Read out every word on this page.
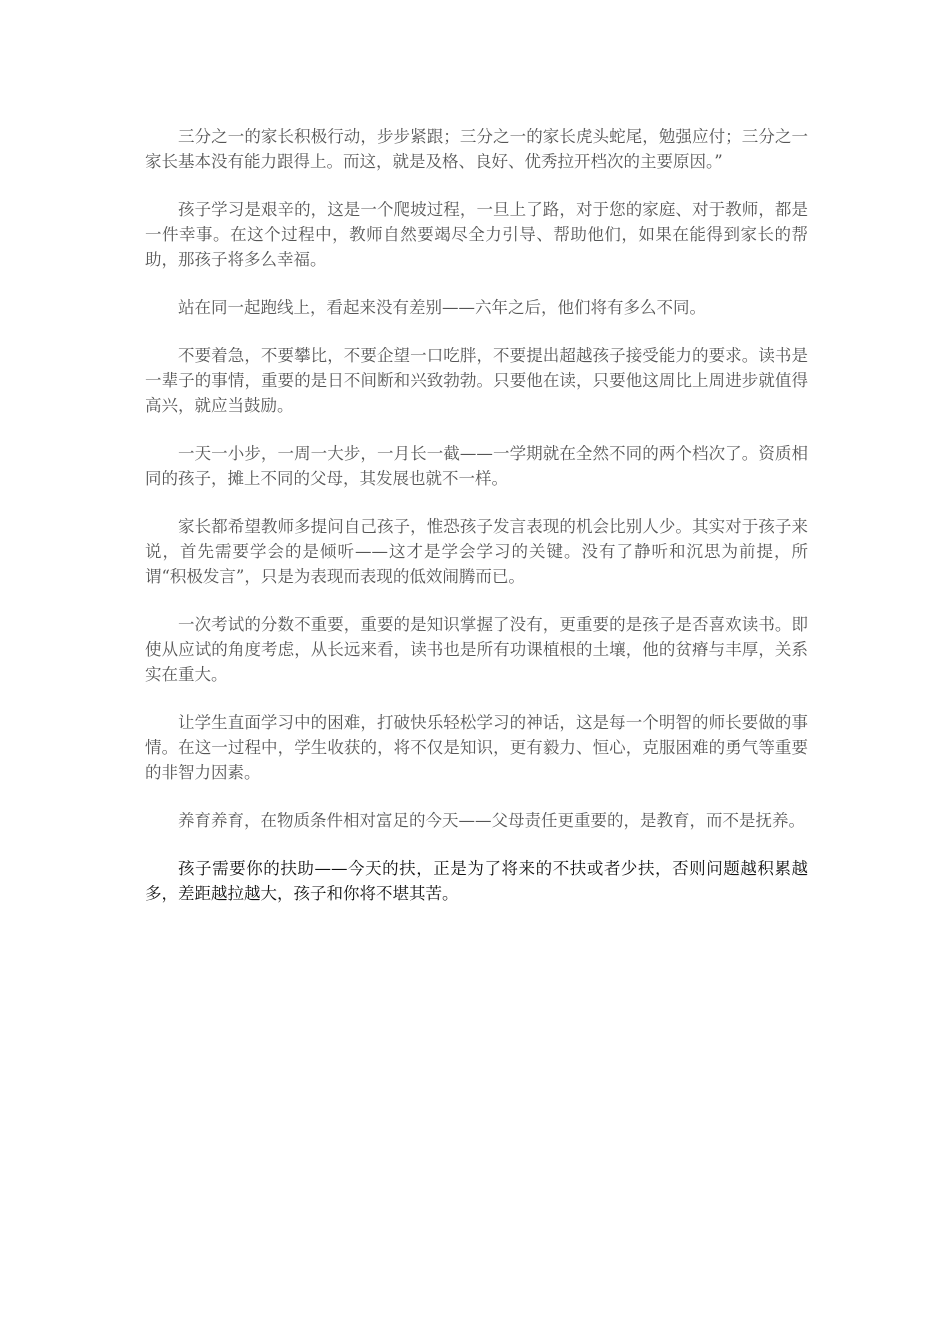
三分之一的家长积极行动，步步紧跟；三分之一的家长虎头蛇尾，勉强应付；三分之一家长基本没有能力跟得上。而这，就是及格、良好、优秀拉开档次的主要原因。”

孩子学习是艰辛的，这是一个爬坡过程，一旦上了路，对于您的家庭、对于教师，都是一件幸事。在这个过程中，教师自然要竭尽全力引导、帮助他们，如果在能得到家长的帮助，那孩子将多么幸福。

站在同一起跑线上，看起来没有差别——六年之后，他们将有多么不同。

不要着急，不要攀比，不要企望一口吃胖，不要提出超越孩子接受能力的要求。读书是一辈子的事情，重要的是日不间断和兴致勃勃。只要他在读，只要他这周比上周进步就值得高兴，就应当鼓励。

一天一小步，一周一大步，一月长一截——一学期就在全然不同的两个档次了。资质相同的孩子，摊上不同的父母，其发展也就不一样。

家长都希望教师多提问自己孩子，惟恐孩子发言表现的机会比别人少。其实对于孩子来说，首先需要学会的是倾听——这才是学会学习的关键。没有了静听和沉思为前提，所谓“积极发言”，只是为表现而表现的低效闹腾而已。

一次考试的分数不重要，重要的是知识掌握了没有，更重要的是孩子是否喜欢读书。即使从应试的角度考虑，从长远来看，读书也是所有功课植根的土壤，他的贫瘠与丰厚，关系实在重大。

让学生直面学习中的困难，打破快乐轻松学习的神话，这是每一个明智的师长要做的事情。在这一过程中，学生收获的，将不仅是知识，更有毅力、恒心，克服困难的勇气等重要的非智力因素。

养育养育，在物质条件相对富足的今天——父母责任更重要的，是教育，而不是抚养。

孩子需要你的扶助——今天的扶，正是为了将来的不扶或者少扶，否则问题越积累越多，差距越拉越大，孩子和你将不堪其苦。
